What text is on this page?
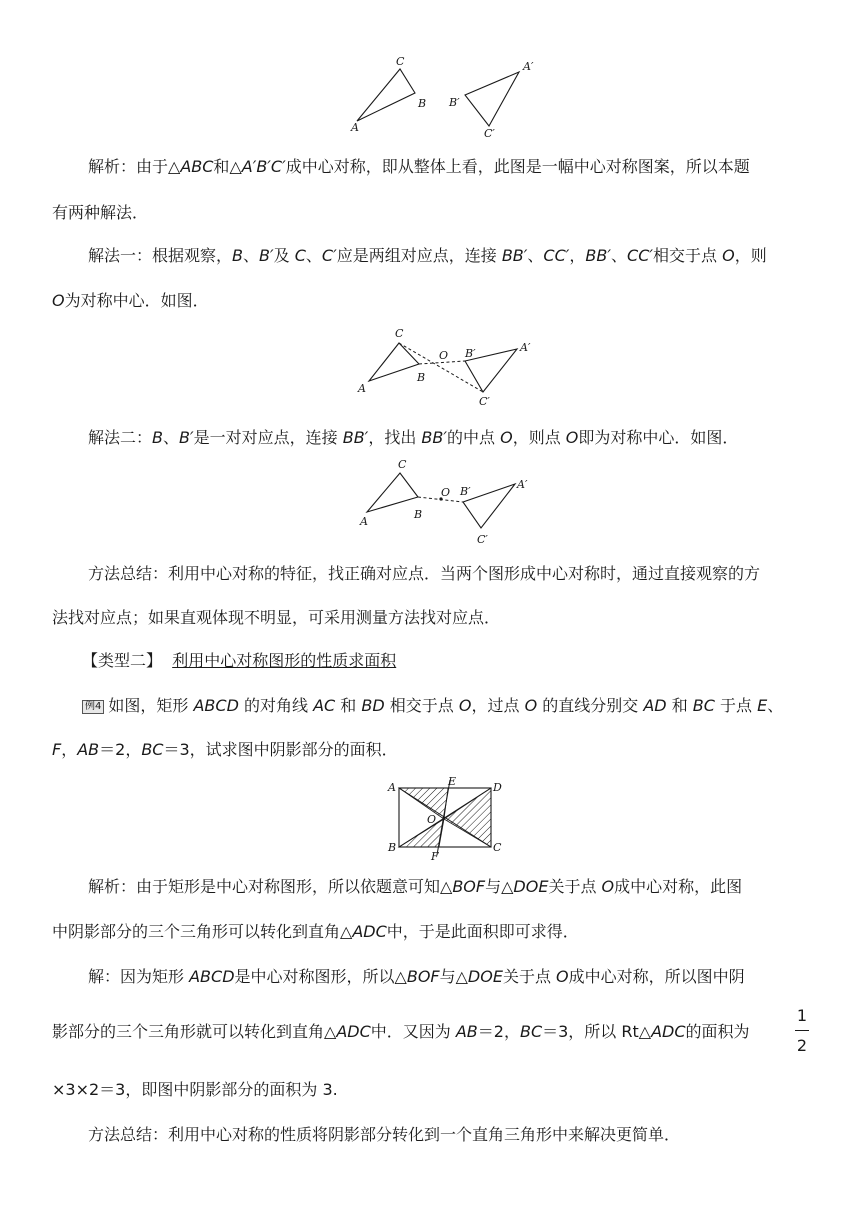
C
A
B
A′
B′
C′
解析：由于△ABC和△A′B′C′成中心对称，即从整体上看，此图是一幅中心对称图案，所以本题
有两种解法．
解法一：根据观察，B、B′及 C、C′应是两组对应点，连接 BB′、CC′，BB′、CC′相交于点 O，则
O为对称中心．如图．
C
A
B
O B′	A′
C′
解法二：B、B′是一对对应点，连接 BB′，找出 BB′的中点 O，则点 O即为对称中心．如图．
C
A
B
O B′
A′
C′
方法总结：利用中心对称的特征，找正确对应点．当两个图形成中心对称时，通过直接观察的方
法找对应点；如果直观体现不明显，可采用测量方法找对应点．
【类型二】 利用中心对称图形的性质求面积
例4 如图，矩形 ABCD 的对角线 AC 和 BD 相交于点 O，过点 O 的直线分别交 AD 和 BC 于点 E、
F，AB＝2，BC＝3，试求图中阴影部分的面积．
A	E	D
O
B
F
C
解析：由于矩形是中心对称图形，所以依题意可知△BOF与△DOE关于点 O成中心对称，此图
中阴影部分的三个三角形可以转化到直角△ADC中，于是此面积即可求得．
解：因为矩形 ABCD是中心对称图形，所以△BOF与△DOE关于点 O成中心对称，所以图中阴
影部分的三个三角形就可以转化到直角△ADC中．又因为 AB＝2，BC＝3，所以 Rt△ADC的面积为
1
2
×3×2＝3，即图中阴影部分的面积为 3.
方法总结：利用中心对称的性质将阴影部分转化到一个直角三角形中来解决更简单．
